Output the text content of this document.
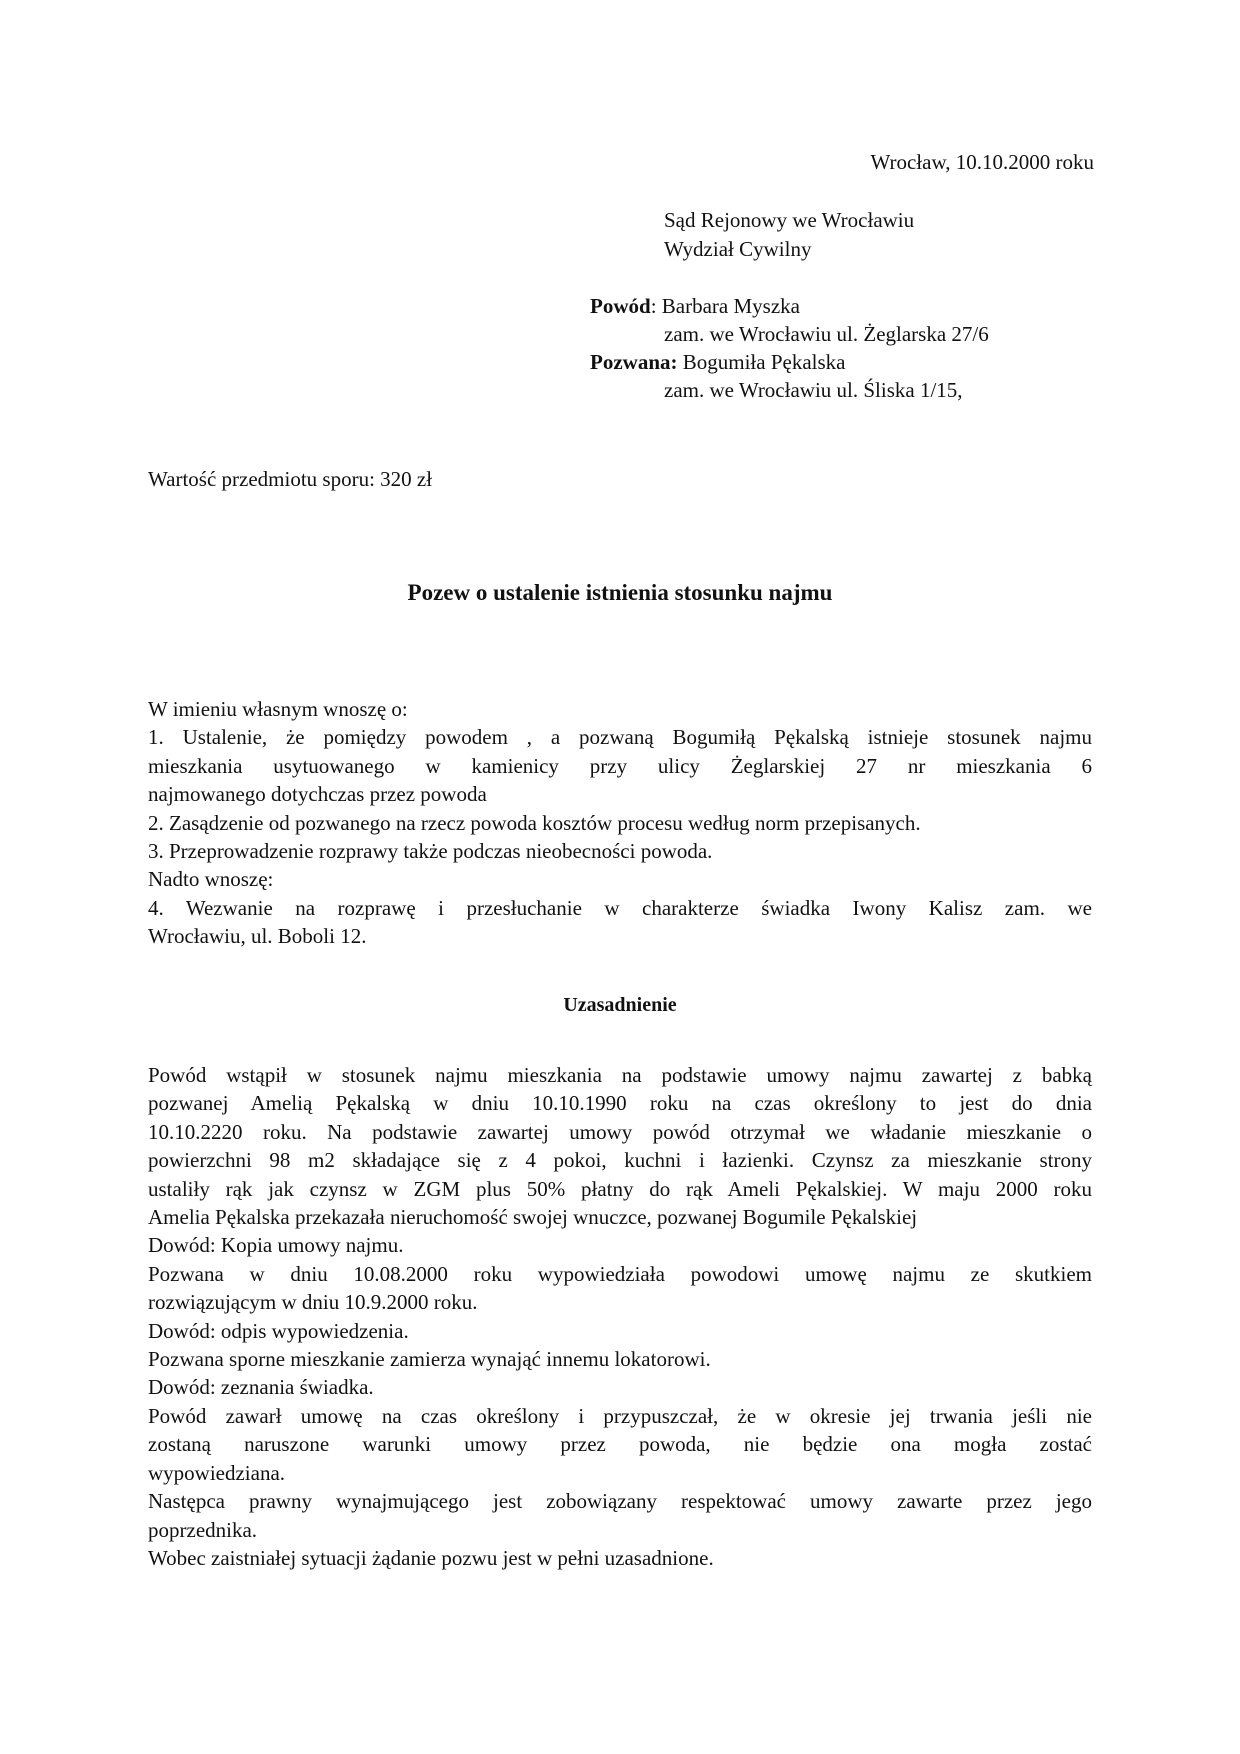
Wrocław, 10.10.2000 roku
Sąd Rejonowy we Wrocławiu
Wydział Cywilny
Powód: Barbara Myszka
zam. we Wrocławiu ul. Żeglarska 27/6
Pozwana: Bogumiła Pękalska
zam. we Wrocławiu ul. Śliska 1/15,
Wartość przedmiotu sporu: 320 zł
Pozew o ustalenie istnienia stosunku najmu
W imieniu własnym wnoszę o:
1. Ustalenie, że pomiędzy powodem , a pozwaną Bogumiłą Pękalską istnieje stosunek najmu
mieszkania usytuowanego w kamienicy przy ulicy Żeglarskiej 27 nr mieszkania 6
najmowanego dotychczas przez powoda
2. Zasądzenie od pozwanego na rzecz powoda kosztów procesu według norm przepisanych.
3. Przeprowadzenie rozprawy także podczas nieobecności powoda.
Nadto wnoszę:
4. Wezwanie na rozprawę i przesłuchanie w charakterze świadka Iwony Kalisz zam. we
Wrocławiu, ul. Boboli 12.
Uzasadnienie
Powód wstąpił w stosunek najmu mieszkania na podstawie umowy najmu zawartej z babką
pozwanej Amelią Pękalską w dniu 10.10.1990 roku na czas określony to jest do dnia
10.10.2220 roku. Na podstawie zawartej umowy powód otrzymał we władanie mieszkanie o
powierzchni 98 m2 składające się z 4 pokoi, kuchni i łazienki. Czynsz za mieszkanie strony
ustaliły rąk jak czynsz w ZGM plus 50% płatny do rąk Ameli Pękalskiej. W maju 2000 roku
Amelia Pękalska przekazała nieruchomość swojej wnuczce, pozwanej Bogumile Pękalskiej
Dowód: Kopia umowy najmu.
Pozwana w dniu 10.08.2000 roku wypowiedziała powodowi umowę najmu ze skutkiem
rozwiązującym w dniu 10.9.2000 roku.
Dowód: odpis wypowiedzenia.
Pozwana sporne mieszkanie zamierza wynająć innemu lokatorowi.
Dowód: zeznania świadka.
Powód zawarł umowę na czas określony i przypuszczał, że w okresie jej trwania jeśli nie
zostaną naruszone warunki umowy przez powoda, nie będzie ona mogła zostać
wypowiedziana.
Następca prawny wynajmującego jest zobowiązany respektować umowy zawarte przez jego
poprzednika.
Wobec zaistniałej sytuacji żądanie pozwu jest w pełni uzasadnione.
